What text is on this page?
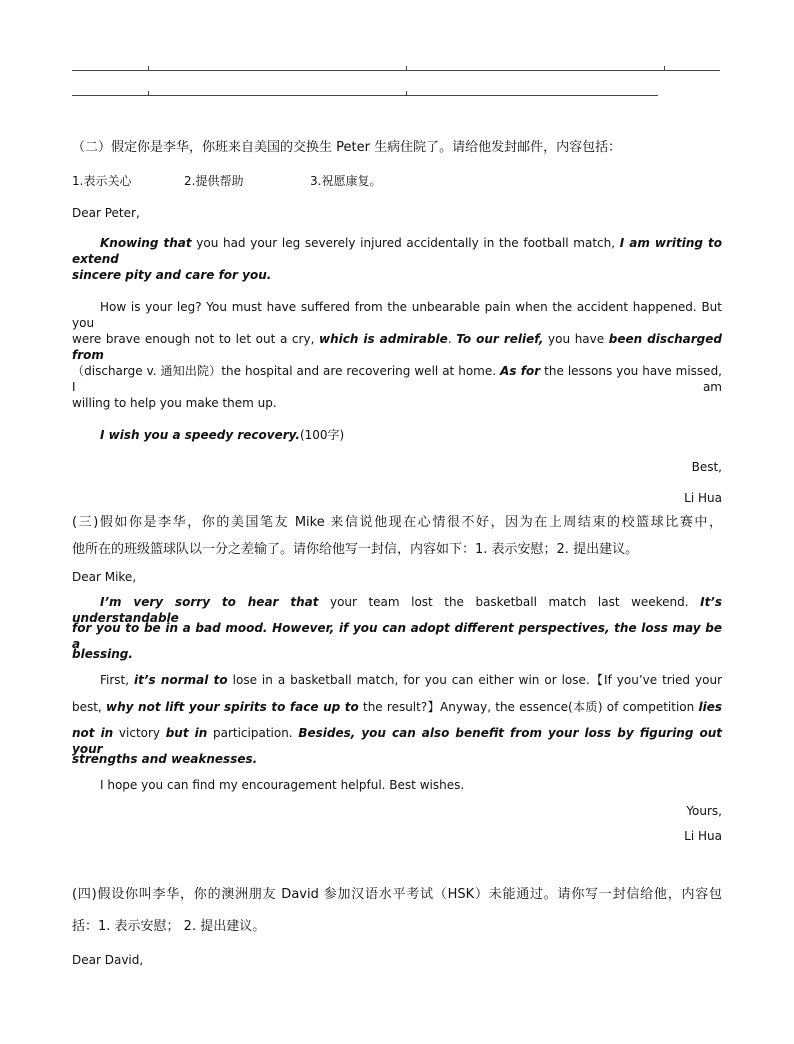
（二）假定你是李华，你班来自美国的交换生 Peter 生病住院了。请给他发封邮件，内容包括：
1.表示关心	2.提供帮助	3.祝愿康复。
Dear Peter,
Knowing that you had your leg severely injured accidentally in the football match, I am writing to extend
sincere pity and care for you.
How is your leg? You must have suffered from the unbearable pain when the accident happened. But you
were brave enough not to let out a cry, which is admirable. To our relief, you have been discharged from
（discharge v. 通知出院）the hospital and are recovering well at home. As for the lessons you have missed, I am
willing to help you make them up.
I wish you a speedy recovery.(100字)
Best,
Li Hua
(三)假如你是李华，你的美国笔友 Mike 来信说他现在心情很不好，因为在上周结束的校篮球比赛中，
他所在的班级篮球队以一分之差输了。请你给他写一封信，内容如下：1. 表示安慰；2. 提出建议。
Dear Mike,
I’m very sorry to hear that your team lost the basketball match last weekend. It’s understandable
for you to be in a bad mood. However, if you can adopt different perspectives, the loss may be a
blessing.
First, it’s normal to lose in a basketball match, for you can either win or lose.【If you’ve tried your
best, why not lift your spirits to face up to the result?】Anyway, the essence(本质) of competition lies
not in victory but in participation. Besides, you can also benefit from your loss by figuring out your
strengths and weaknesses.
I hope you can find my encouragement helpful. Best wishes.
Yours,
Li Hua
(四)假设你叫李华，你的澳洲朋友 David 参加汉语水平考试（HSK）未能通过。请你写一封信给他，内容包
括：1. 表示安慰； 2. 提出建议。
Dear David,
